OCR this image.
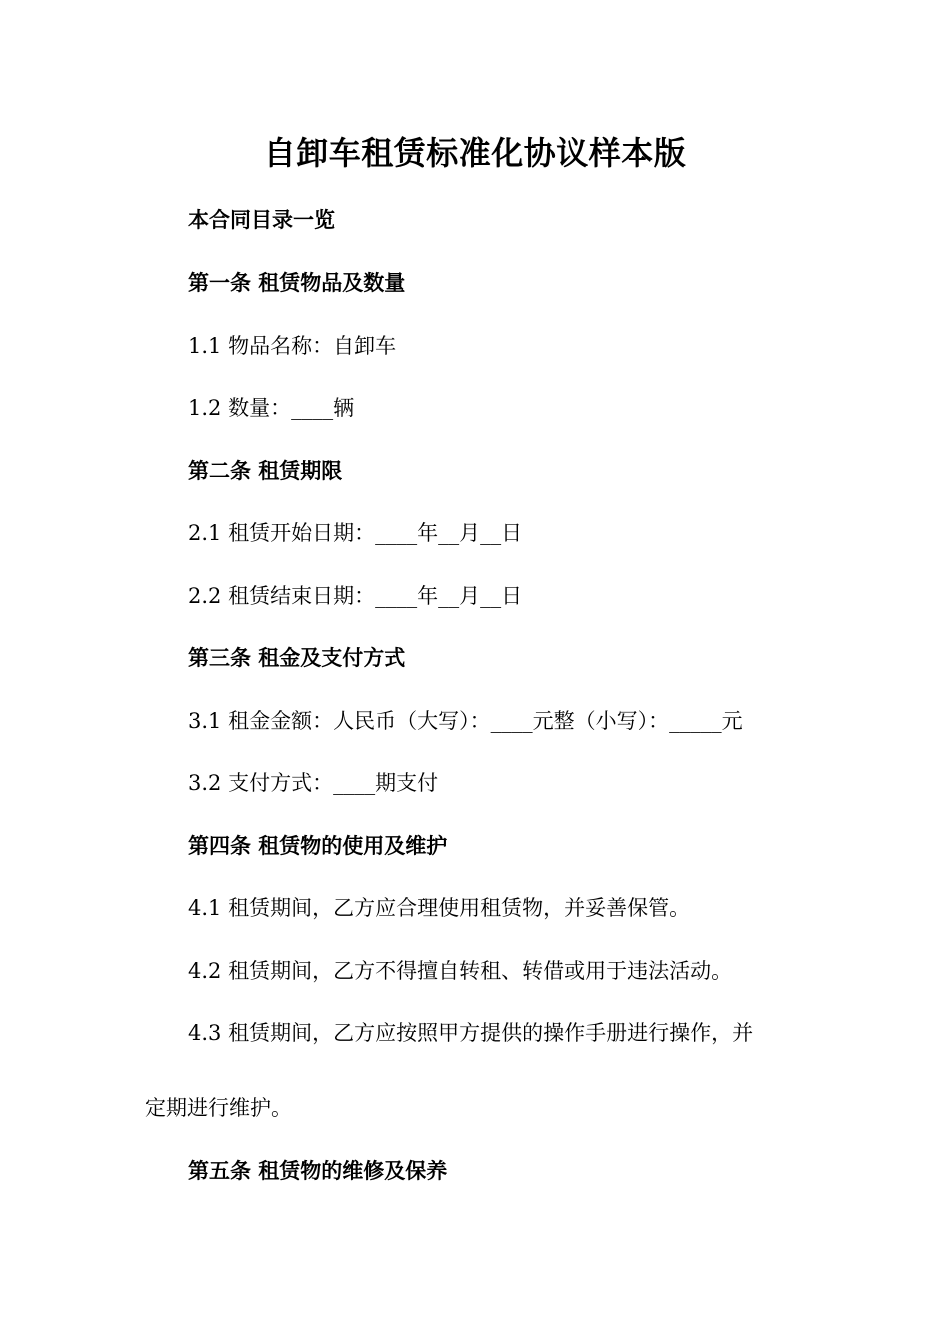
自卸车租赁标准化协议样本版

本合同目录一览

第一条 租赁物品及数量

1.1 物品名称：自卸车

1.2 数量：____辆

第二条 租赁期限

2.1 租赁开始日期：____年__月__日

2.2 租赁结束日期：____年__月__日

第三条 租金及支付方式

3.1 租金金额：人民币（大写）：____元整（小写）：_____元

3.2 支付方式：____期支付

第四条 租赁物的使用及维护

4.1 租赁期间，乙方应合理使用租赁物，并妥善保管。

4.2 租赁期间，乙方不得擅自转租、转借或用于违法活动。

4.3 租赁期间，乙方应按照甲方提供的操作手册进行操作，并

定期进行维护。

第五条 租赁物的维修及保养
